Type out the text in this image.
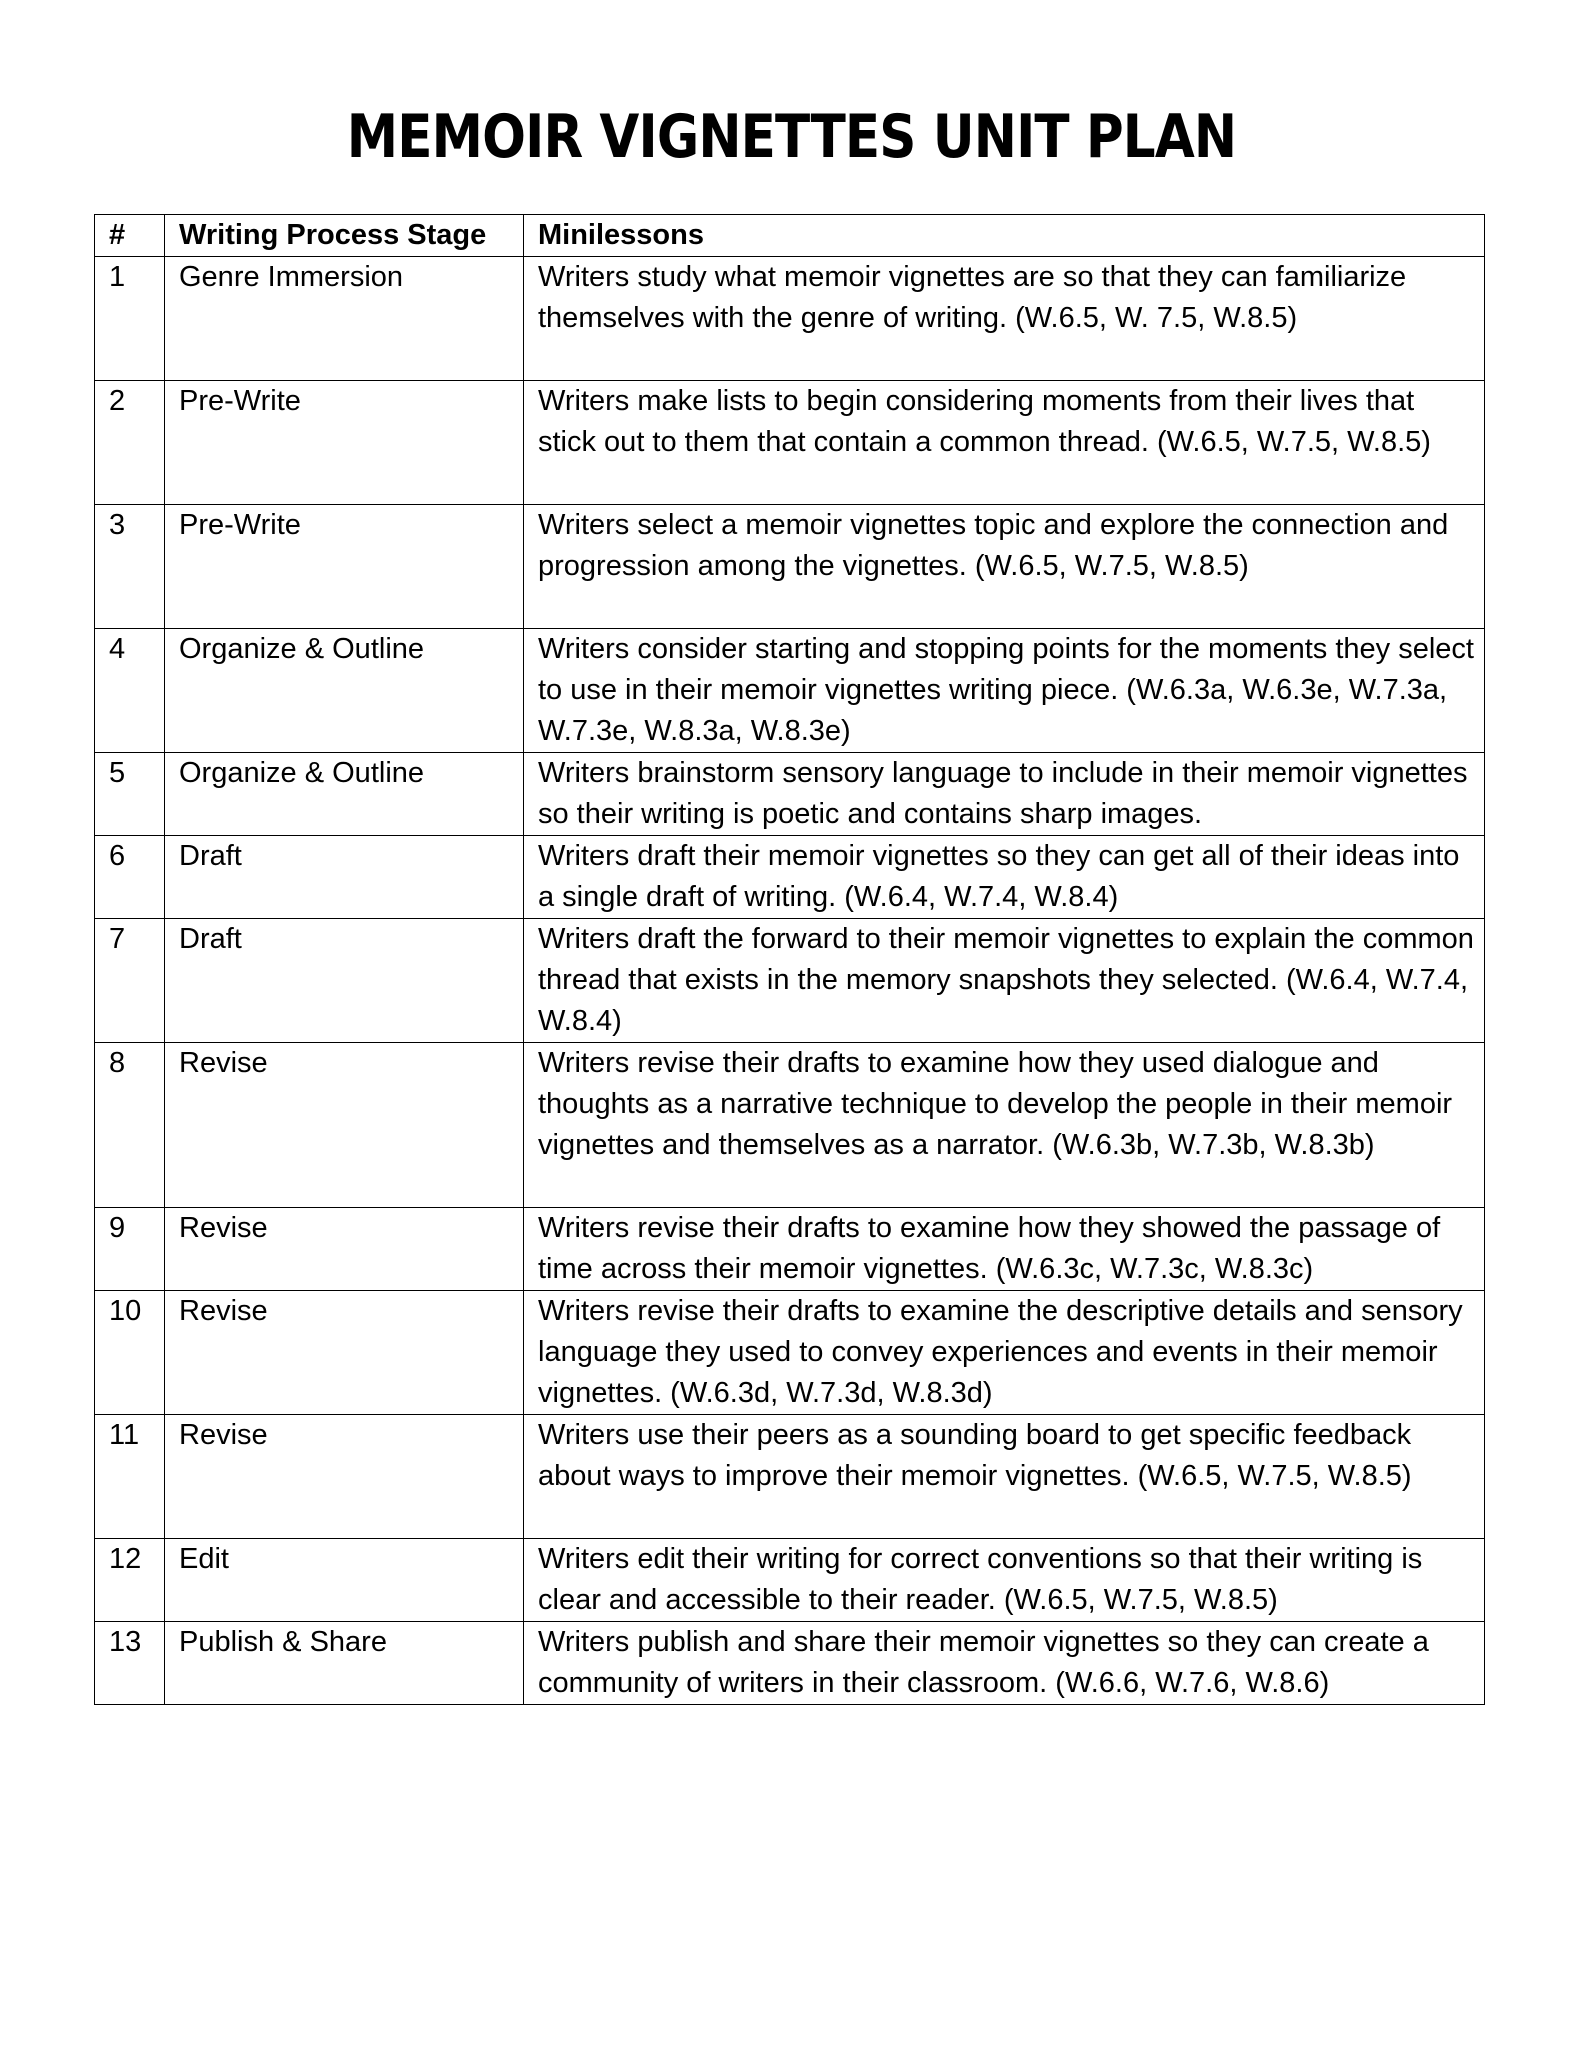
MEMOIR VIGNETTES UNIT PLAN
#	Writing Process Stage	Minilessons
1	Genre Immersion	Writers study what memoir vignettes are so that they can familiarize themselves with the genre of writing. (W.6.5, W. 7.5, W.8.5)
2	Pre-Write	Writers make lists to begin considering moments from their lives that stick out to them that contain a common thread. (W.6.5, W.7.5, W.8.5)
3	Pre-Write	Writers select a memoir vignettes topic and explore the connection and progression among the vignettes. (W.6.5, W.7.5, W.8.5)
4	Organize & Outline	Writers consider starting and stopping points for the moments they select to use in their memoir vignettes writing piece. (W.6.3a, W.6.3e, W.7.3a, W.7.3e, W.8.3a, W.8.3e)
5	Organize & Outline	Writers brainstorm sensory language to include in their memoir vignettes so their writing is poetic and contains sharp images.
6	Draft	Writers draft their memoir vignettes so they can get all of their ideas into a single draft of writing. (W.6.4, W.7.4, W.8.4)
7	Draft	Writers draft the forward to their memoir vignettes to explain the common thread that exists in the memory snapshots they selected. (W.6.4, W.7.4, W.8.4)
8	Revise	Writers revise their drafts to examine how they used dialogue and thoughts as a narrative technique to develop the people in their memoir vignettes and themselves as a narrator. (W.6.3b, W.7.3b, W.8.3b)
9	Revise	Writers revise their drafts to examine how they showed the passage of time across their memoir vignettes. (W.6.3c, W.7.3c, W.8.3c)
10	Revise	Writers revise their drafts to examine the descriptive details and sensory language they used to convey experiences and events in their memoir vignettes. (W.6.3d, W.7.3d, W.8.3d)
11	Revise	Writers use their peers as a sounding board to get specific feedback about ways to improve their memoir vignettes. (W.6.5, W.7.5, W.8.5)
12	Edit	Writers edit their writing for correct conventions so that their writing is clear and accessible to their reader. (W.6.5, W.7.5, W.8.5)
13	Publish & Share	Writers publish and share their memoir vignettes so they can create a community of writers in their classroom. (W.6.6, W.7.6, W.8.6)
